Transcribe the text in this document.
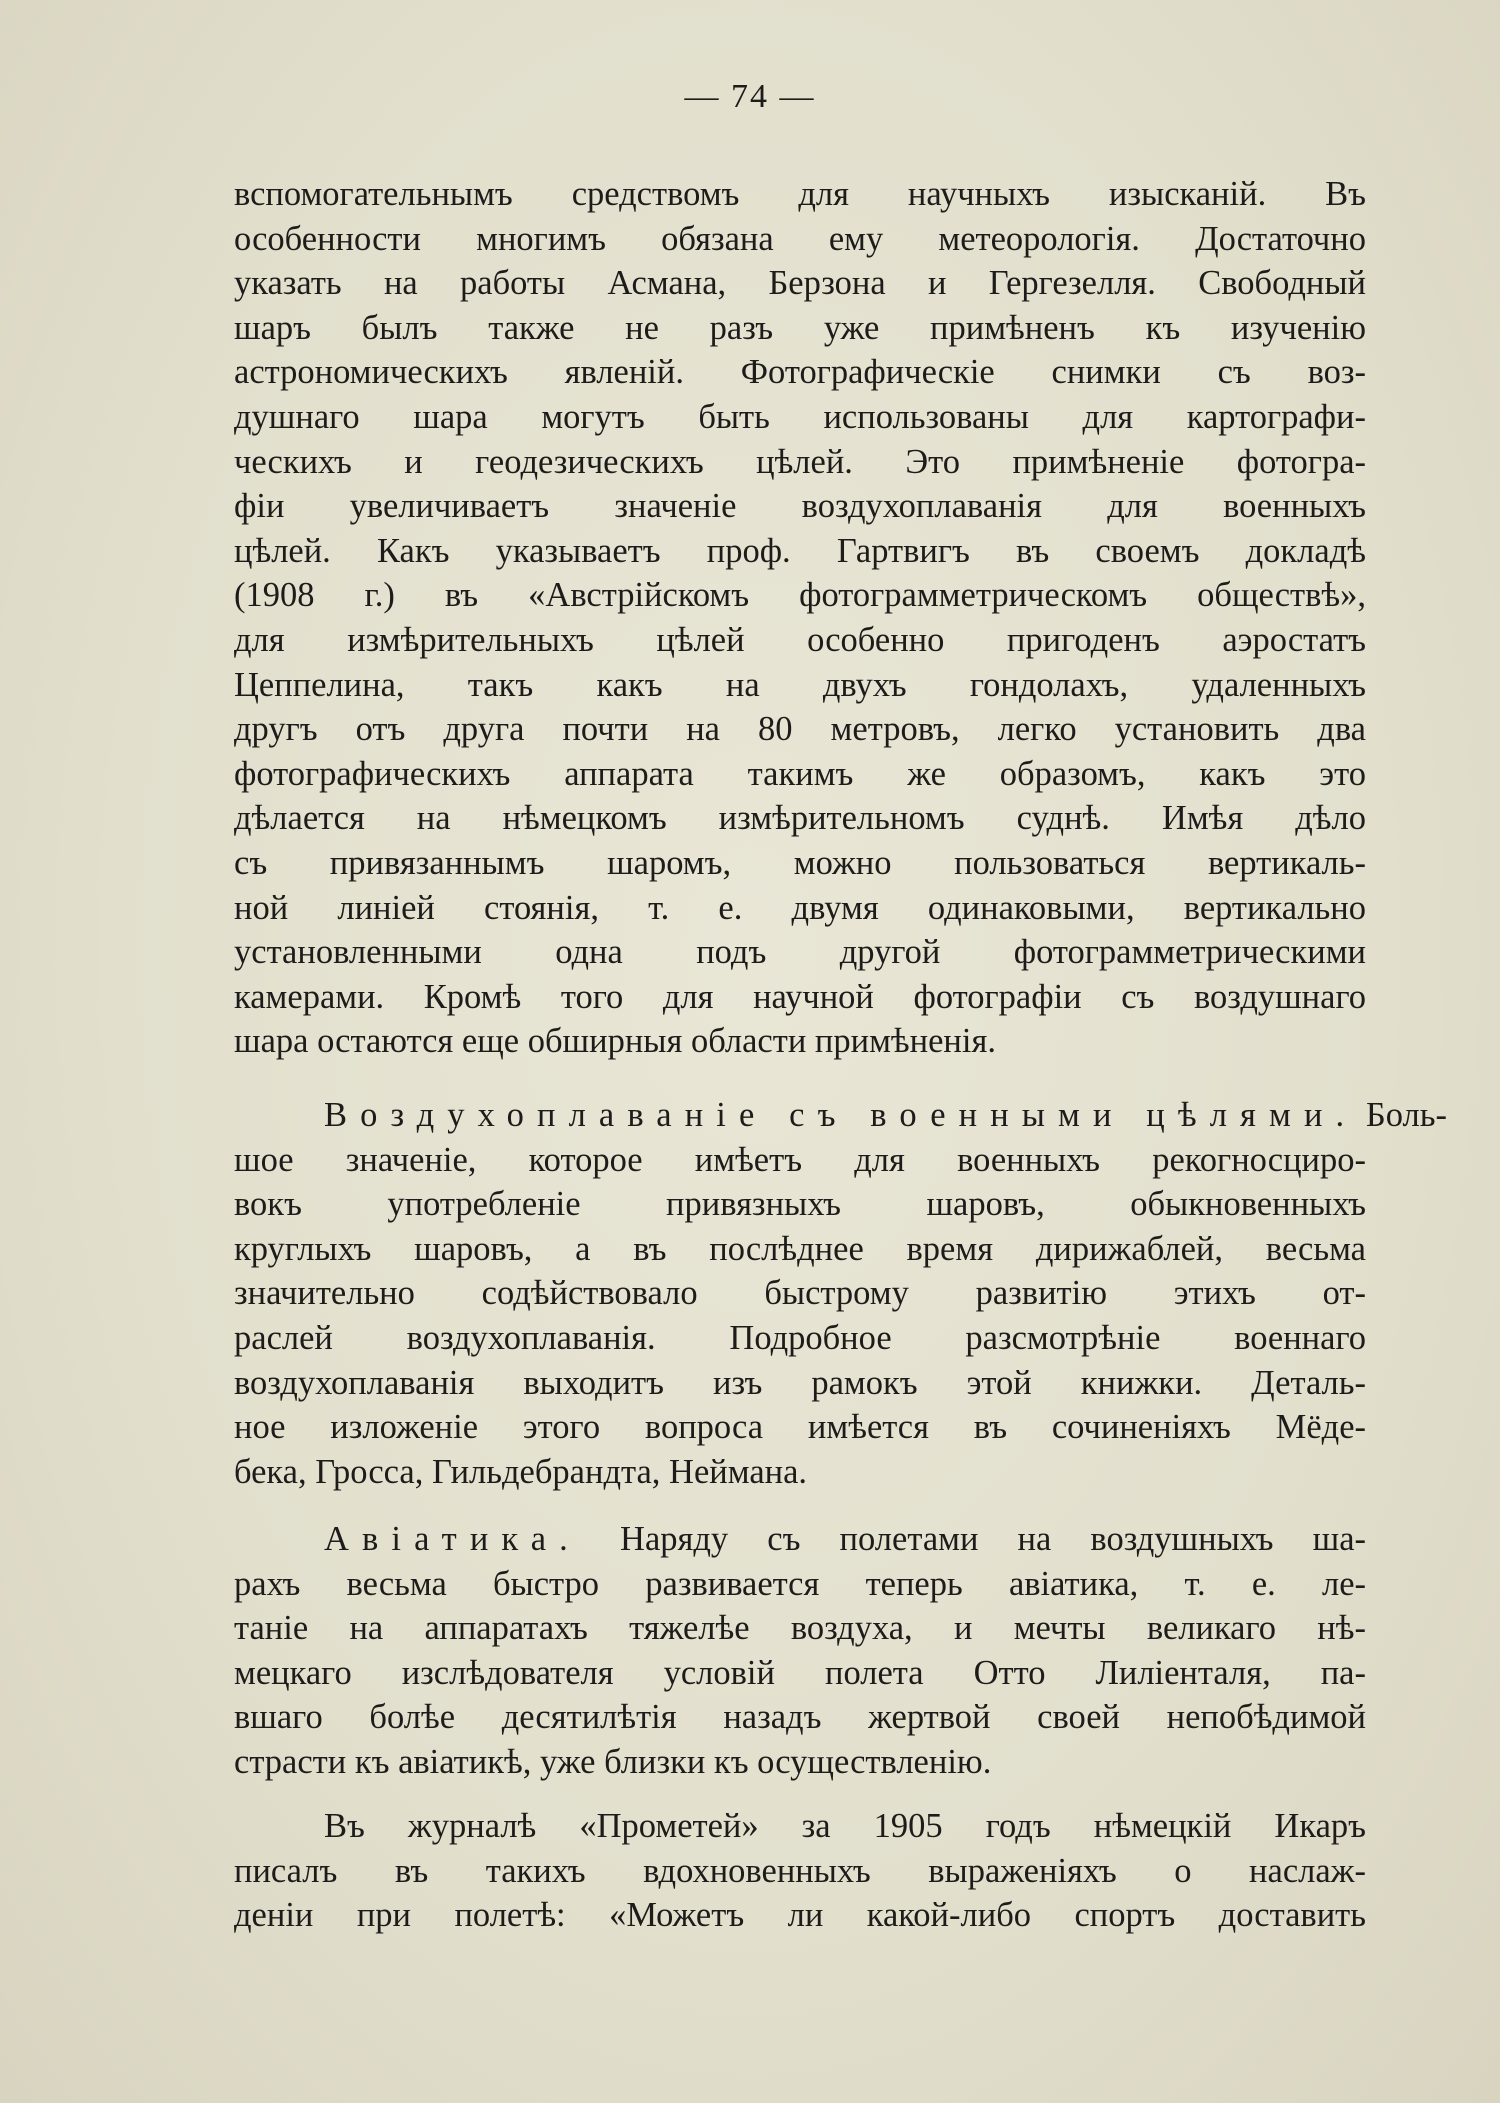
— 74 —
вспомогательнымъ средствомъ для научныхъ изысканій. Въ
особенности многимъ обязана ему метеорологія. Достаточно
указать на работы Асмана, Берзона и Гергезелля. Свободный
шаръ былъ также не разъ уже примѣненъ къ изученію
астрономическихъ явленій. Фотографическіе снимки съ воз-
душнаго шара могутъ быть использованы для картографи-
ческихъ и геодезическихъ цѣлей. Это примѣненіе фотогра-
фіи увеличиваетъ значеніе воздухоплаванія для военныхъ
цѣлей. Какъ указываетъ проф. Гартвигъ въ своемъ докладѣ
(1908 г.) въ «Австрійскомъ фотограмметрическомъ обществѣ»,
для измѣрительныхъ цѣлей особенно пригоденъ аэростатъ
Цеппелина, такъ какъ на двухъ гондолахъ, удаленныхъ
другъ отъ друга почти на 80 метровъ, легко установить два
фотографическихъ аппарата такимъ же образомъ, какъ это
дѣлается на нѣмецкомъ измѣрительномъ суднѣ. Имѣя дѣло
съ привязаннымъ шаромъ, можно пользоваться вертикаль-
ной линіей стоянія, т. е. двумя одинаковыми, вертикально
установленными одна подъ другой фотограмметрическими
камерами. Кромѣ того для научной фотографіи съ воздушнаго
шара остаются еще обширныя области примѣненія.
Воздухоплаваніе съ военными цѣлями. Боль-
шое значеніе, которое имѣетъ для военныхъ рекогносциро-
вокъ употребленіе привязныхъ шаровъ, обыкновенныхъ
круглыхъ шаровъ, а въ послѣднее время дирижаблей, весьма
значительно содѣйствовало быстрому развитію этихъ от-
раслей воздухоплаванія. Подробное разсмотрѣніе военнаго
воздухоплаванія выходитъ изъ рамокъ этой книжки. Деталь-
ное изложеніе этого вопроса имѣется въ сочиненіяхъ Мёде-
бека, Гросса, Гильдебрандта, Неймана.
Авіатика. Наряду съ полетами на воздушныхъ ша-
рахъ весьма быстро развивается теперь авіатика, т. е. ле-
таніе на аппаратахъ тяжелѣе воздуха, и мечты великаго нѣ-
мецкаго изслѣдователя условій полета Отто Лиліенталя, па-
вшаго болѣе десятилѣтія назадъ жертвой своей непобѣдимой
страсти къ авіатикѣ, уже близки къ осуществленію.
Въ журналѣ «Прометей» за 1905 годъ нѣмецкій Икаръ
писалъ въ такихъ вдохновенныхъ выраженіяхъ о наслаж-
деніи при полетѣ: «Можетъ ли какой-либо спортъ доставить
